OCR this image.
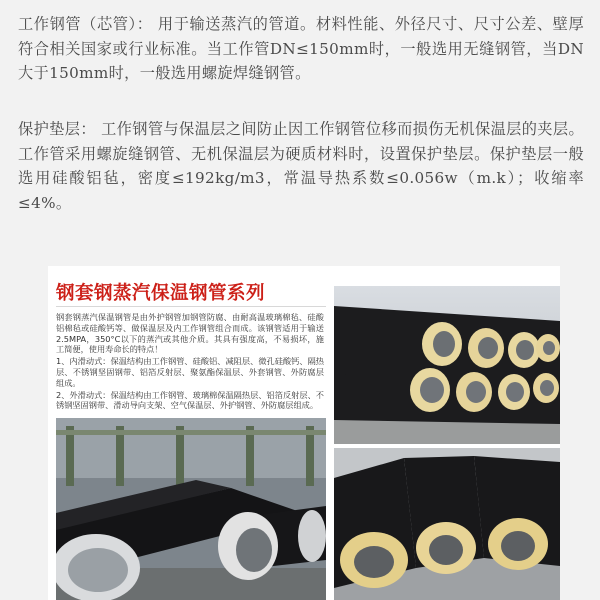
工作钢管（芯管）： 用于输送蒸汽的管道。材料性能、外径尺寸、尺寸公差、壁厚符合相关国家或行业标准。当工作管DN≤150mm时，一般选用无缝钢管，当DN大于150mm时，一般选用螺旋焊缝钢管。

保护垫层： 工作钢管与保温层之间防止因工作钢管位移而损伤无机保温层的夹层。工作管采用螺旋缝钢管、无机保温层为硬质材料时，设置保护垫层。保护垫层一般选用硅酸铝毡，密度≤192kg/m3，常温导热系数≤0.056w（m.k）；收缩率≤4%。

钢套钢蒸汽保温钢管系列

钢套钢蒸汽保温钢管是由外护钢管加钢管防腐、由耐高温玻璃棉毡、硅酸铝棉毡或硅酸钙等、做保温层及内工作钢管组合而成。该钢管适用于输送2.5MPA，350°C以下的蒸汽或其他介质。其具有强度高，不易损坏，施工简便，使用寿命长的特点！

1、内滑动式：保温结构由工作钢管、硅酸铝、减阻层、微孔硅酸钙、隔热层、不锈钢坚固钢带、铝箔反射层、聚氨酯保温层、外套钢管、外防腐层组成。

2、外滑动式：保温结构由工作钢管、玻璃棉保温隔热层、铝箔反射层、不锈钢坚固钢带、滑动导向支架、空气保温层、外护钢管、外防腐层组成。
